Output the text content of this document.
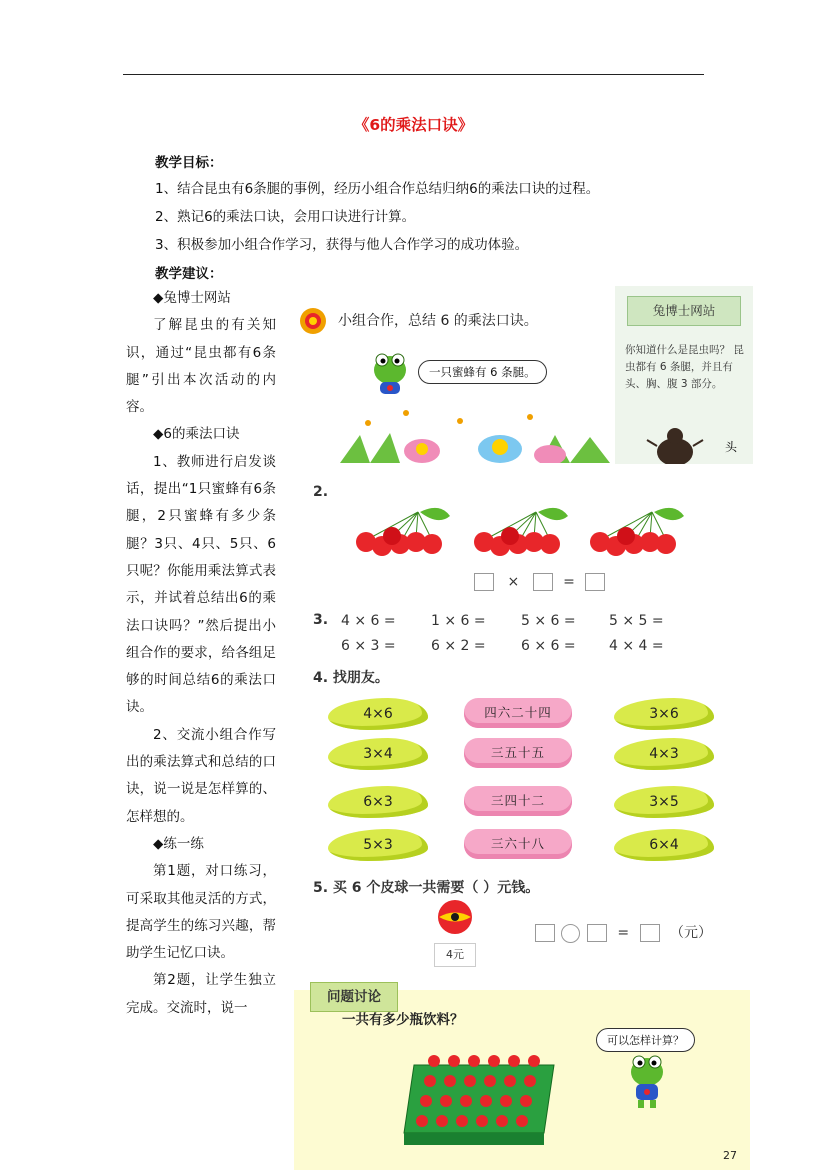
《6的乘法口诀》
教学目标：
1、结合昆虫有6条腿的事例，经历小组合作总结归纳6的乘法口诀的过程。
2、熟记6的乘法口诀，会用口诀进行计算。
3、积极参加小组合作学习，获得与他人合作学习的成功体验。
教学建议：

◆兔博士网站

了解昆虫的有关知识，通过“昆虫都有6条腿”引出本次活动的内容。

◆6的乘法口诀

1、教师进行启发谈话，提出“1只蜜蜂有6条腿，2只蜜蜂有多少条腿？3只、4只、5只、6只呢？你能用乘法算式表示，并试着总结出6的乘法口诀吗？”然后提出小组合作的要求，给各组足够的时间总结6的乘法口诀。

2、交流小组合作写出的乘法算式和总结的口诀，说一说是怎样算的、怎样想的。

◆练一练

第1题，对口练习，可采取其他灵活的方式，提高学生的练习兴趣，帮助学生记忆口诀。

第2题，让学生独立完成。交流时，说一

小组合作，总结 6 的乘法口诀。
一只蜜蜂有 6 条腿。
兔博士网站
你知道什么是昆虫吗？ 昆虫都有 6 条腿，并且有头、胸、腹 3 部分。
头
2.
×	=
3. 4 × 6 =	1 × 6 =	5 × 6 = 5 × 5 =
6 × 3 =	6 × 2 =	6 × 6 = 4 × 4 =
4. 找朋友。
4×6
3×4
6×3
5×3
四六二十四
三五十五
三四十二
三六十八
3×6
4×3
3×5
6×4
5. 买 6 个皮球一共需要（ ）元钱。
4元
=	（元）
问题讨论
一共有多少瓶饮料？
可以怎样计算？
27
